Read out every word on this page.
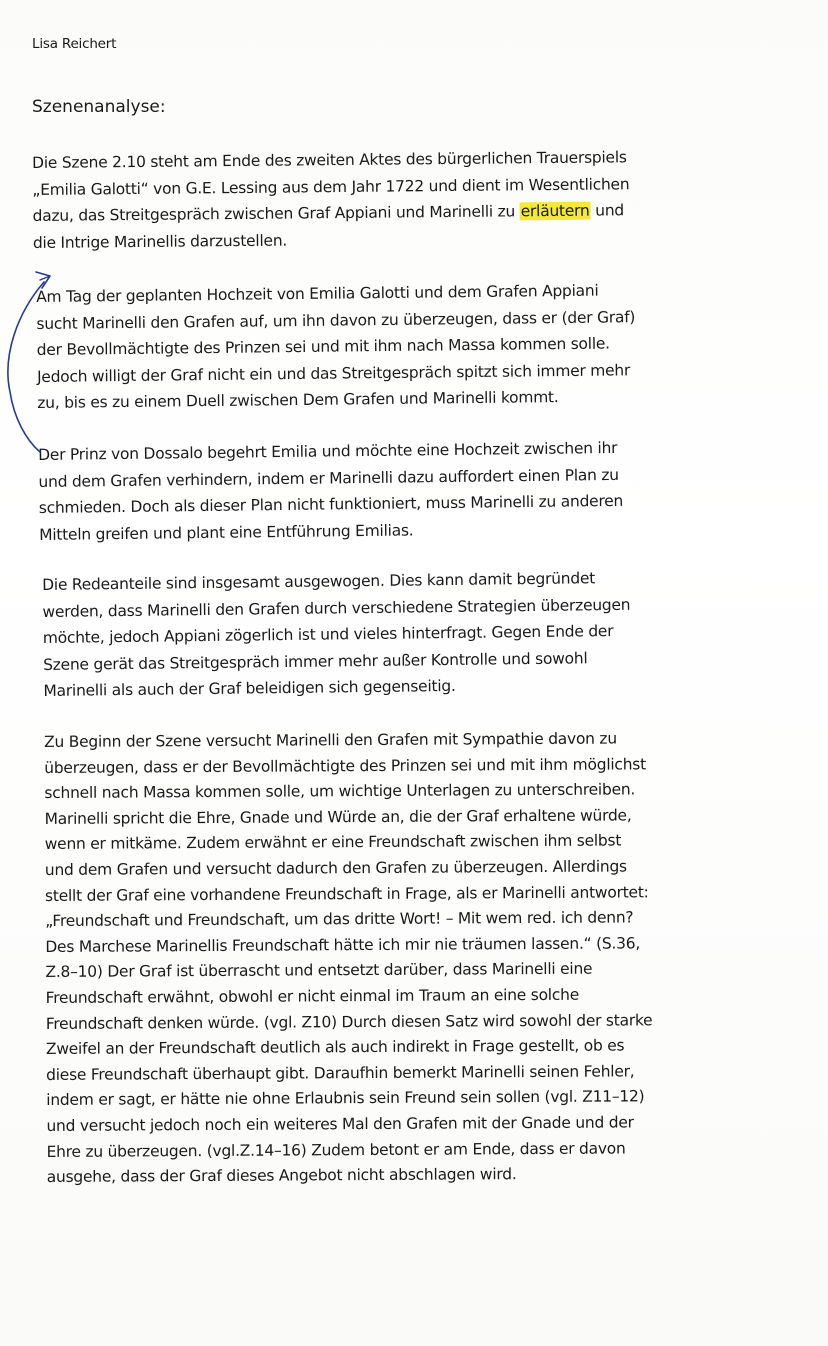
Lisa Reichert
Szenenanalyse:
Die Szene 2.10 steht am Ende des zweiten Aktes des bürgerlichen Trauerspiels
„Emilia Galotti“ von G.E. Lessing aus dem Jahr 1722 und dient im Wesentlichen
dazu, das Streitgespräch zwischen Graf Appiani und Marinelli zu erläutern und
die Intrige Marinellis darzustellen.
Am Tag der geplanten Hochzeit von Emilia Galotti und dem Grafen Appiani
sucht Marinelli den Grafen auf, um ihn davon zu überzeugen, dass er (der Graf)
der Bevollmächtigte des Prinzen sei und mit ihm nach Massa kommen solle.
Jedoch willigt der Graf nicht ein und das Streitgespräch spitzt sich immer mehr
zu, bis es zu einem Duell zwischen Dem Grafen und Marinelli kommt.
Der Prinz von Dossalo begehrt Emilia und möchte eine Hochzeit zwischen ihr
und dem Grafen verhindern, indem er Marinelli dazu auffordert einen Plan zu
schmieden. Doch als dieser Plan nicht funktioniert, muss Marinelli zu anderen
Mitteln greifen und plant eine Entführung Emilias.
Die Redeanteile sind insgesamt ausgewogen. Dies kann damit begründet
werden, dass Marinelli den Grafen durch verschiedene Strategien überzeugen
möchte, jedoch Appiani zögerlich ist und vieles hinterfragt. Gegen Ende der
Szene gerät das Streitgespräch immer mehr außer Kontrolle und sowohl
Marinelli als auch der Graf beleidigen sich gegenseitig.
Zu Beginn der Szene versucht Marinelli den Grafen mit Sympathie davon zu
überzeugen, dass er der Bevollmächtigte des Prinzen sei und mit ihm möglichst
schnell nach Massa kommen solle, um wichtige Unterlagen zu unterschreiben.
Marinelli spricht die Ehre, Gnade und Würde an, die der Graf erhaltene würde,
wenn er mitkäme. Zudem erwähnt er eine Freundschaft zwischen ihm selbst
und dem Grafen und versucht dadurch den Grafen zu überzeugen. Allerdings
stellt der Graf eine vorhandene Freundschaft in Frage, als er Marinelli antwortet:
„Freundschaft und Freundschaft, um das dritte Wort! – Mit wem red. ich denn?
Des Marchese Marinellis Freundschaft hätte ich mir nie träumen lassen.“ (S.36,
Z.8–10) Der Graf ist überrascht und entsetzt darüber, dass Marinelli eine
Freundschaft erwähnt, obwohl er nicht einmal im Traum an eine solche
Freundschaft denken würde. (vgl. Z10) Durch diesen Satz wird sowohl der starke
Zweifel an der Freundschaft deutlich als auch indirekt in Frage gestellt, ob es
diese Freundschaft überhaupt gibt. Daraufhin bemerkt Marinelli seinen Fehler,
indem er sagt, er hätte nie ohne Erlaubnis sein Freund sein sollen (vgl. Z11–12)
und versucht jedoch noch ein weiteres Mal den Grafen mit der Gnade und der
Ehre zu überzeugen. (vgl.Z.14–16) Zudem betont er am Ende, dass er davon
ausgehe, dass der Graf dieses Angebot nicht abschlagen wird.
